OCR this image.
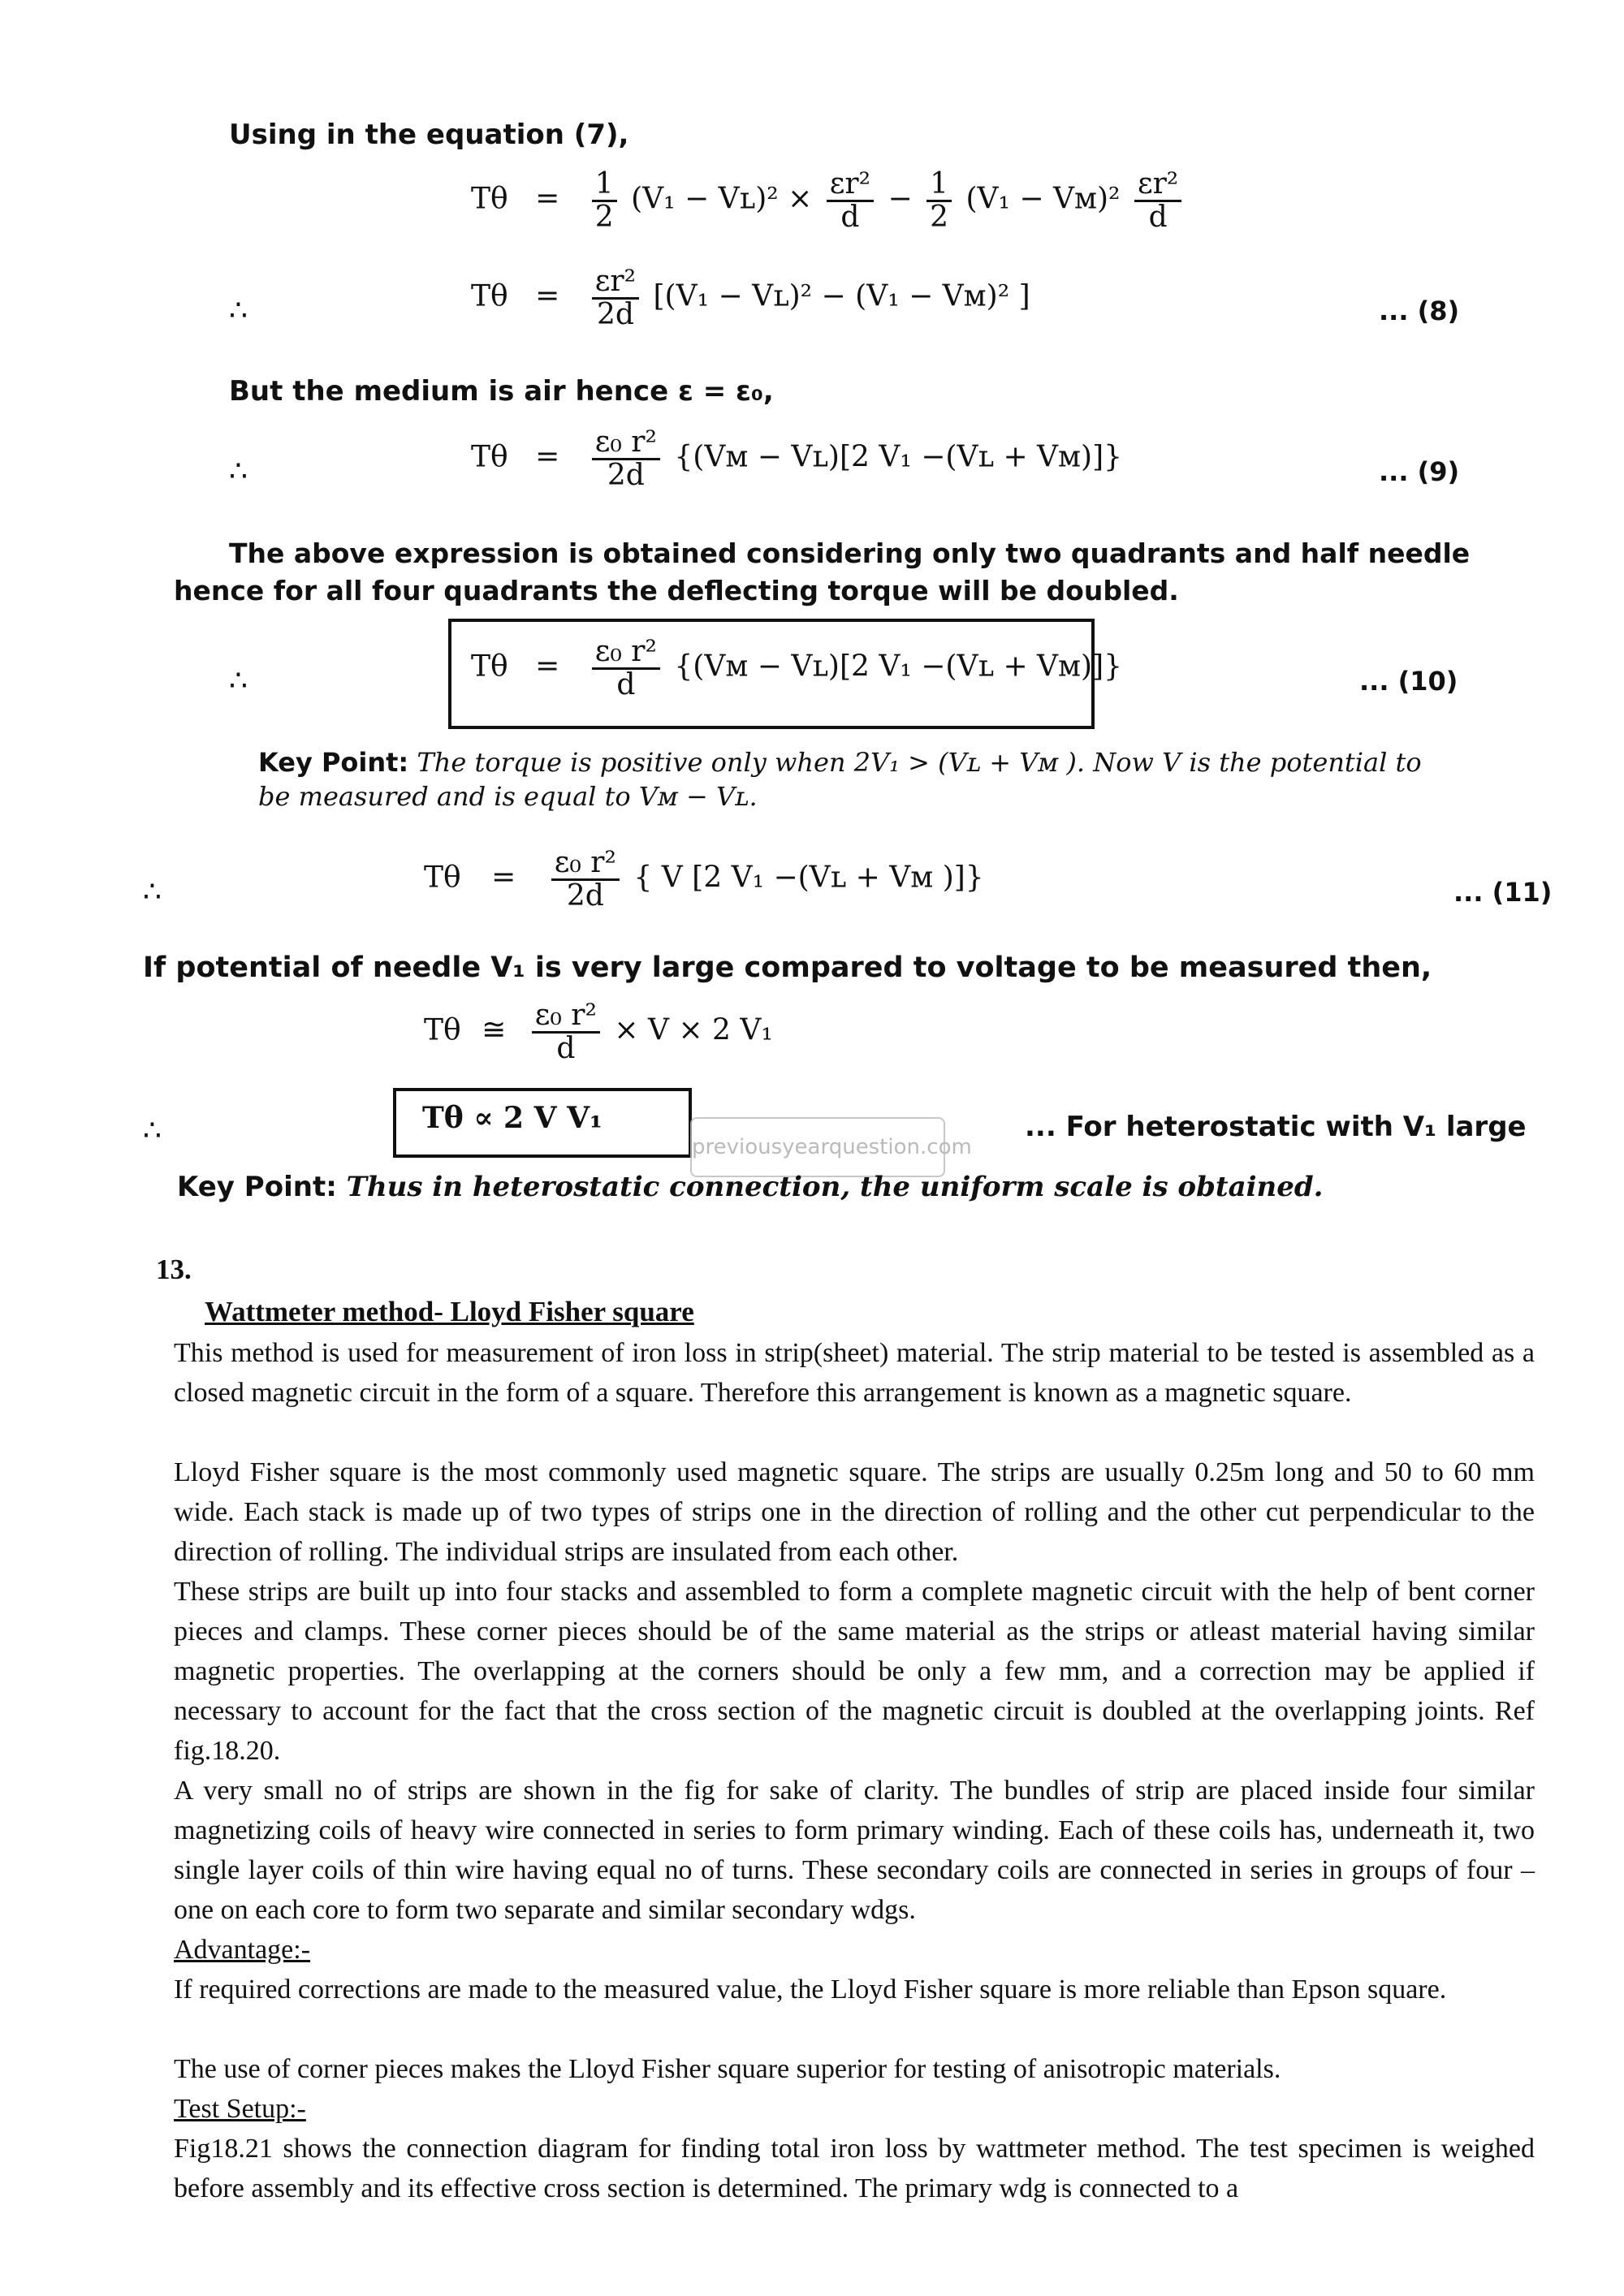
Using in the equation (7),
$T\theta = \frac{1}{2} (V_1$ − Vʟ)² × $\frac{\text{εr²}}{d} - \frac{1}{2} (V_1$ − Vᴍ)² $\frac{\text{εr²}}{d}$
∴	$T\theta = \frac{\text{εr²}}{2d} [(V_1$ − Vʟ)² − (V₁ − Vᴍ)² ]	... (8)
But the medium is air hence ε = ε₀,
∴	$T\theta = \frac{\text{ε₀ r²}}{2d}$ {(Vᴍ − Vʟ)[2 V₁ −(Vʟ + Vᴍ)]}	... (9)
The above expression is obtained considering only two quadrants and half needle
hence for all four quadrants the deflecting torque will be doubled.
∴	$T\theta = \frac{\text{ε₀ r²}}{d}$ {(Vᴍ − Vʟ)[2 V₁ −(Vʟ + Vᴍ)]}	... (10)
Key Point: The torque is positive only when 2V₁ > (Vʟ + Vᴍ ). Now V is the potential to
be measured and is equal to Vᴍ − Vʟ.
∴	$T\theta = \frac{\text{ε₀ r²}}{2d}$ { V [2 V₁ −(Vʟ + Vᴍ )]}	... (11)
If potential of needle V₁ is very large compared to voltage to be measured then,
Tθ ≅ $\frac{\text{ε₀ r²}}{d} \times V \times 2$ V₁
∴	Tθ ∝ 2 V V₁	... For heterostatic with V₁ large
previousyearquestion.com
Key Point: Thus in heterostatic connection, the uniform scale is obtained.
13.
Wattmeter method- Lloyd Fisher square

This method is used for measurement of iron loss in strip(sheet) material. The strip material to be tested is assembled as a closed magnetic circuit in the form of a square. Therefore this arrangement is known as a magnetic square.

Lloyd Fisher square is the most commonly used magnetic square. The strips are usually 0.25m long and 50 to 60 mm wide. Each stack is made up of two types of strips one in the direction of rolling and the other cut perpendicular to the direction of rolling. The individual strips are insulated from each other.

These strips are built up into four stacks and assembled to form a complete magnetic circuit with the help of bent corner pieces and clamps. These corner pieces should be of the same material as the strips or atleast material having similar magnetic properties. The overlapping at the corners should be only a few mm, and a correction may be applied if necessary to account for the fact that the cross section of the magnetic circuit is doubled at the overlapping joints. Ref fig.18.20.

A very small no of strips are shown in the fig for sake of clarity. The bundles of strip are placed inside four similar magnetizing coils of heavy wire connected in series to form primary winding. Each of these coils has, underneath it, two single layer coils of thin wire having equal no of turns. These secondary coils are connected in series in groups of four – one on each core to form two separate and similar secondary wdgs.

Advantage:-

If required corrections are made to the measured value, the Lloyd Fisher square is more reliable than Epson square.

The use of corner pieces makes the Lloyd Fisher square superior for testing of anisotropic materials.

Test Setup:-

Fig18.21 shows the connection diagram for finding total iron loss by wattmeter method. The test specimen is weighed before assembly and its effective cross section is determined. The primary wdg is connected to a
